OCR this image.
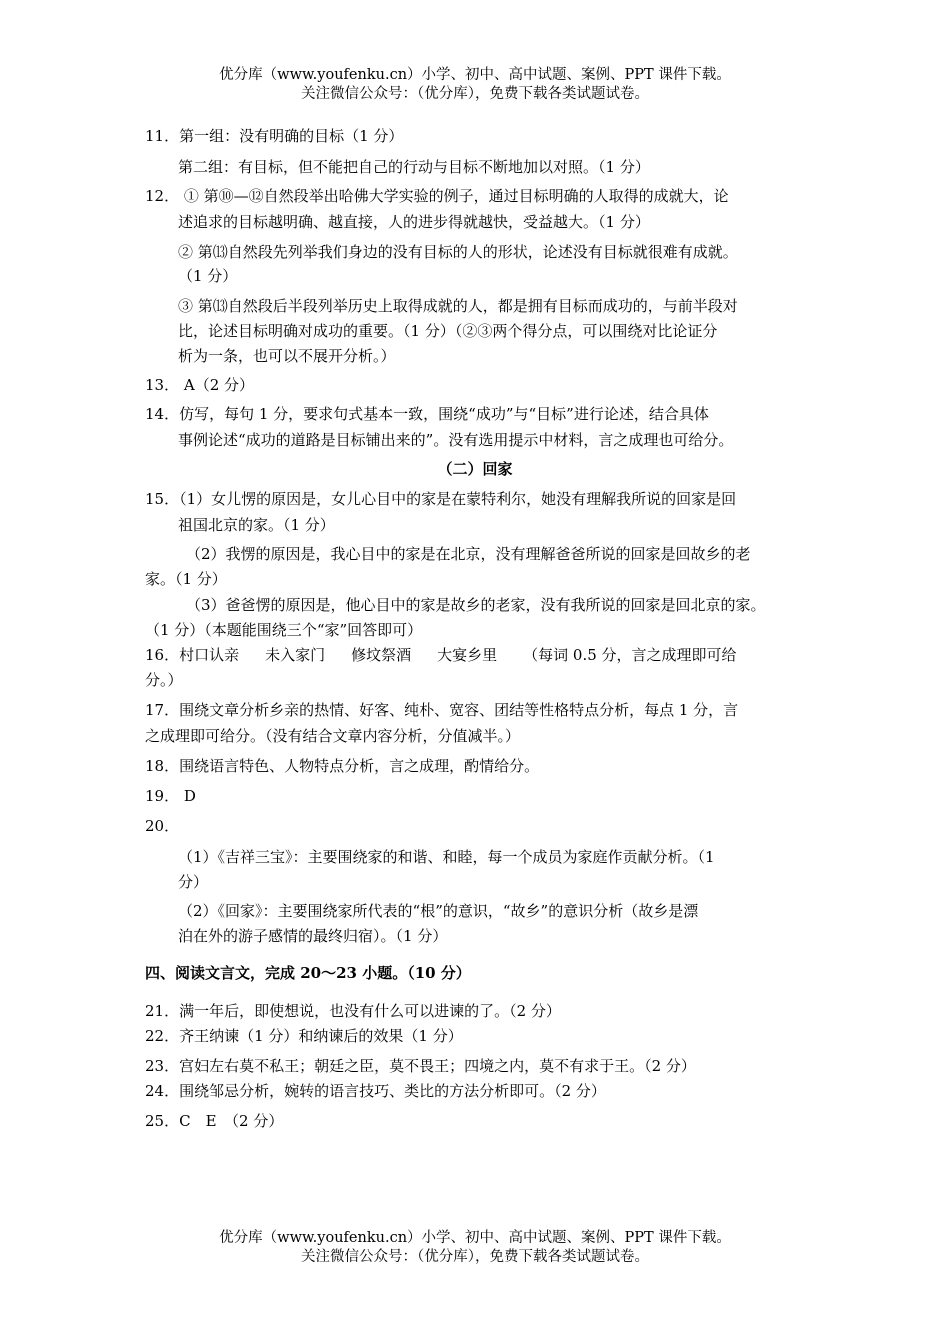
优分库（www.youfenku.cn）小学、初中、高中试题、案例、PPT 课件下载。
关注微信公众号：（优分库），免费下载各类试题试卷。
11．第一组：没有明确的目标（1 分）
第二组：有目标，但不能把自己的行动与目标不断地加以对照。（1 分）
12． ① 第⑩—⑫自然段举出哈佛大学实验的例子，通过目标明确的人取得的成就大，论
述追求的目标越明确、越直接，人的进步得就越快，受益越大。（1 分）
② 第⒀自然段先列举我们身边的没有目标的人的形状，论述没有目标就很难有成就。
（1 分）
③ 第⒀自然段后半段列举历史上取得成就的人，都是拥有目标而成功的，与前半段对
比，论述目标明确对成功的重要。（1 分）（②③两个得分点，可以围绕对比论证分
析为一条，也可以不展开分析。）
13． A（2 分）
14．仿写，每句 1 分，要求句式基本一致，围绕“成功”与“目标”进行论述，结合具体
事例论述“成功的道路是目标铺出来的”。没有选用提示中材料，言之成理也可给分。
（二）回家
15．（1）女儿愣的原因是，女儿心目中的家是在蒙特利尔，她没有理解我所说的回家是回
祖国北京的家。（1 分）
（2）我愣的原因是，我心目中的家是在北京，没有理解爸爸所说的回家是回故乡的老
家。（1 分）
（3）爸爸愣的原因是，他心目中的家是故乡的老家，没有我所说的回家是回北京的家。
（1 分）（本题能围绕三个“家”回答即可）
16．村口认亲 未入家门 修坟祭酒 大宴乡里 （每词 0.5 分，言之成理即可给
分。）
17．围绕文章分析乡亲的热情、好客、纯朴、宽容、团结等性格特点分析，每点 1 分，言
之成理即可给分。（没有结合文章内容分析，分值减半。）
18．围绕语言特色、人物特点分析，言之成理，酌情给分。
19． D
20．
（1）《吉祥三宝》：主要围绕家的和谐、和睦，每一个成员为家庭作贡献分析。（1
分）
（2）《回家》：主要围绕家所代表的“根”的意识，“故乡”的意识分析（故乡是漂
泊在外的游子感情的最终归宿）。（1 分）
四、阅读文言文，完成 20～23 小题。（10 分）
21．满一年后，即使想说，也没有什么可以进谏的了。（2 分）
22．齐王纳谏（1 分）和纳谏后的效果（1 分）
23．宫妇左右莫不私王；朝廷之臣，莫不畏王；四境之内，莫不有求于王。（2 分）
24．围绕邹忌分析，婉转的语言技巧、类比的方法分析即可。（2 分）
25．C　E　（2 分）
优分库（www.youfenku.cn）小学、初中、高中试题、案例、PPT 课件下载。
关注微信公众号：（优分库），免费下载各类试题试卷。
